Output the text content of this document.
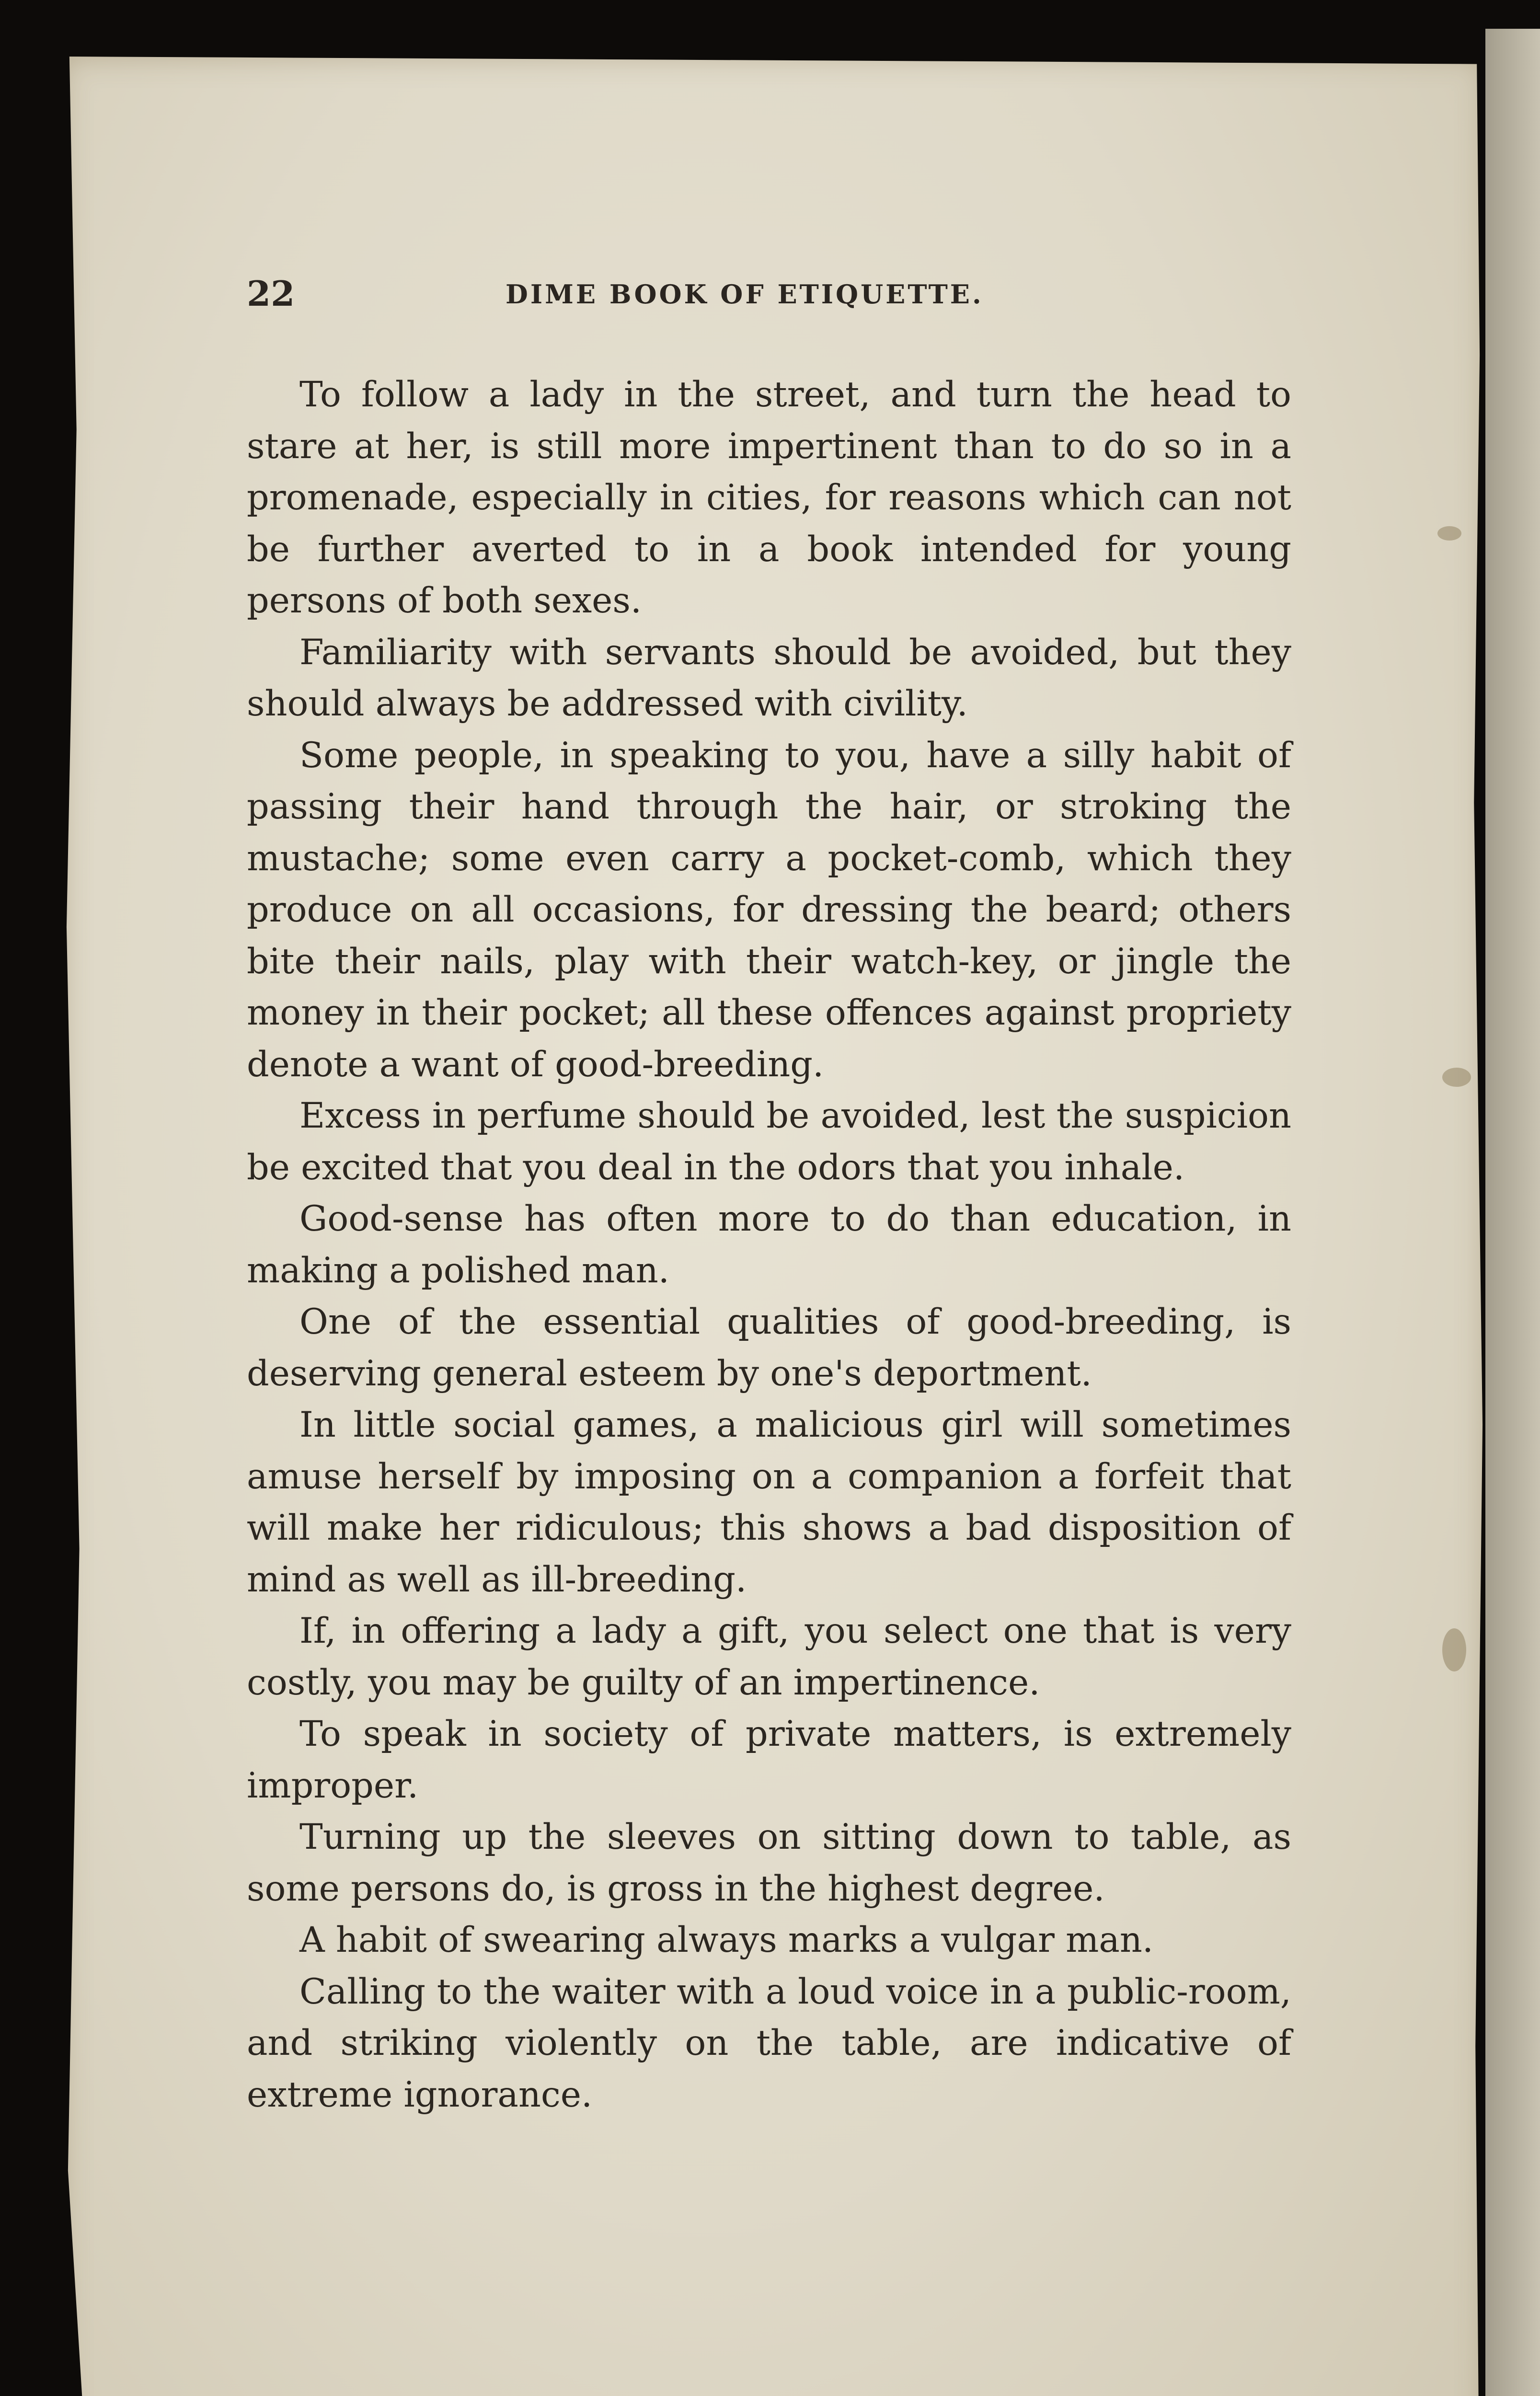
22	DIME BOOK OF ETIQUETTE.

To follow a lady in the street, and turn the head to stare at her, is still more impertinent than to do so in a promenade, especially in cities, for reasons which can not be further averted to in a book intended for young persons of both sexes.

Familiarity with servants should be avoided, but they should always be addressed with civility.

Some people, in speaking to you, have a silly habit of passing their hand through the hair, or stroking the mustache; some even carry a pocket-comb, which they produce on all occasions, for dressing the beard; others bite their nails, play with their watch-key, or jingle the money in their pocket; all these offences against propriety denote a want of good-breeding.

Excess in perfume should be avoided, lest the suspicion be excited that you deal in the odors that you inhale.

Good-sense has often more to do than education, in making a polished man.

One of the essential qualities of good-breeding, is deserving general esteem by one's deportment.

In little social games, a malicious girl will sometimes amuse herself by imposing on a companion a forfeit that will make her ridiculous; this shows a bad disposition of mind as well as ill-breeding.

If, in offering a lady a gift, you select one that is very costly, you may be guilty of an impertinence.

To speak in society of private matters, is extremely improper.

Turning up the sleeves on sitting down to table, as some persons do, is gross in the highest degree.

A habit of swearing always marks a vulgar man.

Calling to the waiter with a loud voice in a public-room, and striking violently on the table, are indicative of extreme ignorance.
